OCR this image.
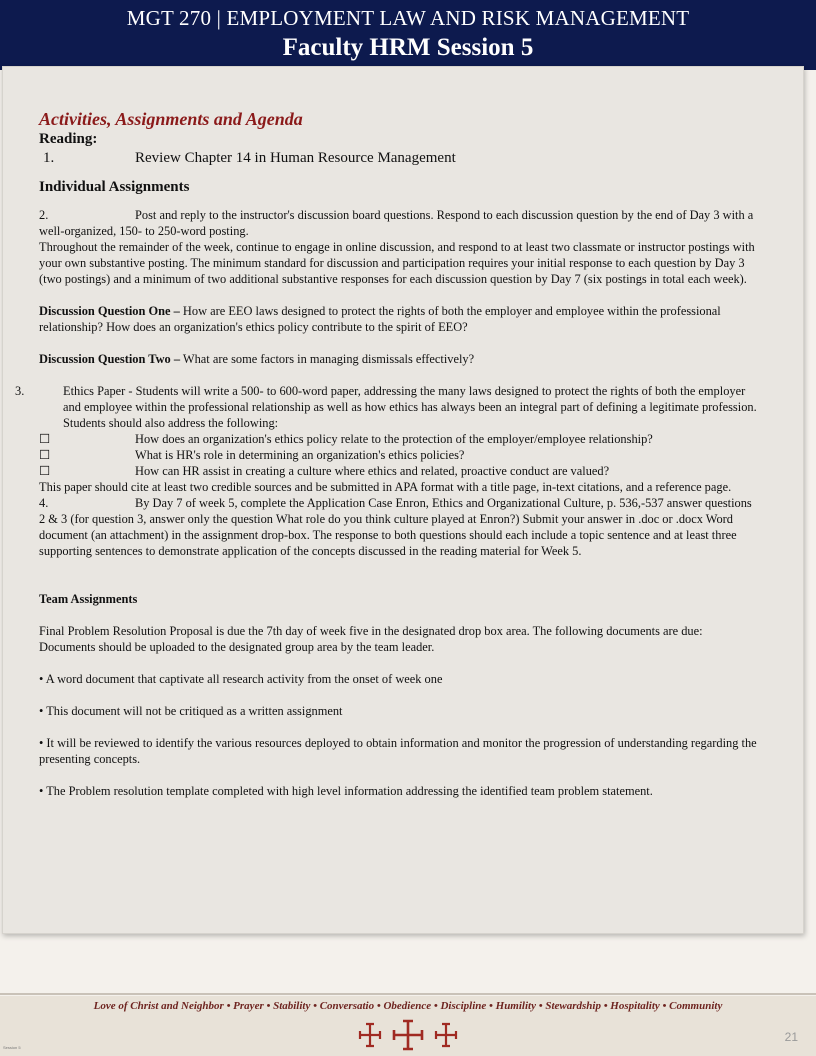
MGT 270 | EMPLOYMENT LAW AND RISK MANAGEMENT
Faculty HRM Session 5

Activities, Assignments and Agenda

Reading:

1.	Review Chapter 14 in Human Resource Management

Individual Assignments

2.	Post and reply to the instructor's discussion board questions. Respond to each discussion question by the end of Day 3 with a well-organized, 150- to 250-word posting.

Throughout the remainder of the week, continue to engage in online discussion, and respond to at least two classmate or instructor postings with your own substantive posting. The minimum standard for discussion and participation requires your initial response to each question by Day 3 (two postings) and a minimum of two additional substantive responses for each discussion question by Day 7 (six postings in total each week).

Discussion Question One – How are EEO laws designed to protect the rights of both the employer and employee within the professional relationship? How does an organization's ethics policy contribute to the spirit of EEO?

Discussion Question Two – What are some factors in managing dismissals effectively?

3.	Ethics Paper - Students will write a 500- to 600-word paper, addressing the many laws designed to protect the rights of both the employer and employee within the professional relationship as well as how ethics has always been an integral part of defining a legitimate profession. Students should also address the following:

☐	How does an organization's ethics policy relate to the protection of the employer/employee relationship?

☐	What is HR's role in determining an organization's ethics policies?

☐	How can HR assist in creating a culture where ethics and related, proactive conduct are valued?

This paper should cite at least two credible sources and be submitted in APA format with a title page, in-text citations, and a reference page.

4.	By Day 7 of week 5, complete the Application Case Enron, Ethics and Organizational Culture, p. 536,-537 answer questions 2 & 3 (for question 3, answer only the question What role do you think culture played at Enron?) Submit your answer in .doc or .docx Word document (an attachment) in the assignment drop-box. The response to both questions should each include a topic sentence and at least three supporting sentences to demonstrate application of the concepts discussed in the reading material for Week 5.

Team Assignments

Final Problem Resolution Proposal is due the 7th day of week five in the designated drop box area. The following documents are due: Documents should be uploaded to the designated group area by the team leader.

• A word document that captivate all research activity from the onset of week one

• This document will not be critiqued as a written assignment

• It will be reviewed to identify the various resources deployed to obtain information and monitor the progression of understanding regarding the presenting concepts.

• The Problem resolution template completed with high level information addressing the identified team problem statement.

Love of Christ and Neighbor • Prayer • Stability • Conversatio • Obedience • Discipline • Humility • Stewardship • Hospitality • Community
21
Session 5
